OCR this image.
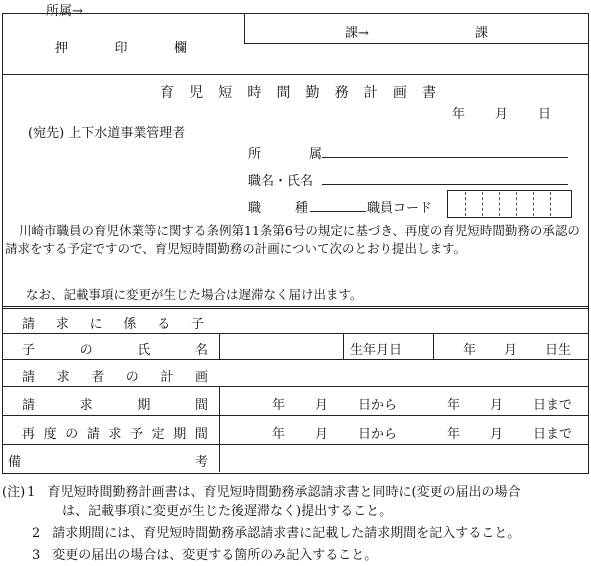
所属→
押	印	欄
課→	課
育 児 短 時 間 勤 務 計 画 書
年 月 日
(宛先) 上下水道事業管理者
所	属
職名・氏名
職	種	職員コード
川崎市職員の育児休業等に関する条例第11条第6号の規定に基づき、再度の育児短時間勤務の承認の請求をする予定ですので、育児短時間勤務の計画について次のとおり提出します。
なお、記載事項に変更が生じた場合は遅滞なく届け出ます。
請 求 に 係 る 子
子	の	氏	名	生年月日	年 月 日生
請 求 者 の 計 画
請	求	期	間	年 月 日から	年 月 日まで
再 度 の 請 求 予 定 期 間	年 月 日から	年 月 日まで
備	考
(注) 1 育児短時間勤務計画書は、育児短時間勤務承認請求書と同時に(変更の届出の場合
は、記載事項に変更が生じた後遅滞なく)提出すること。
2 請求期間には、育児短時間勤務承認請求書に記載した請求期間を記入すること。
3 変更の届出の場合は、変更する箇所のみ記入すること。
